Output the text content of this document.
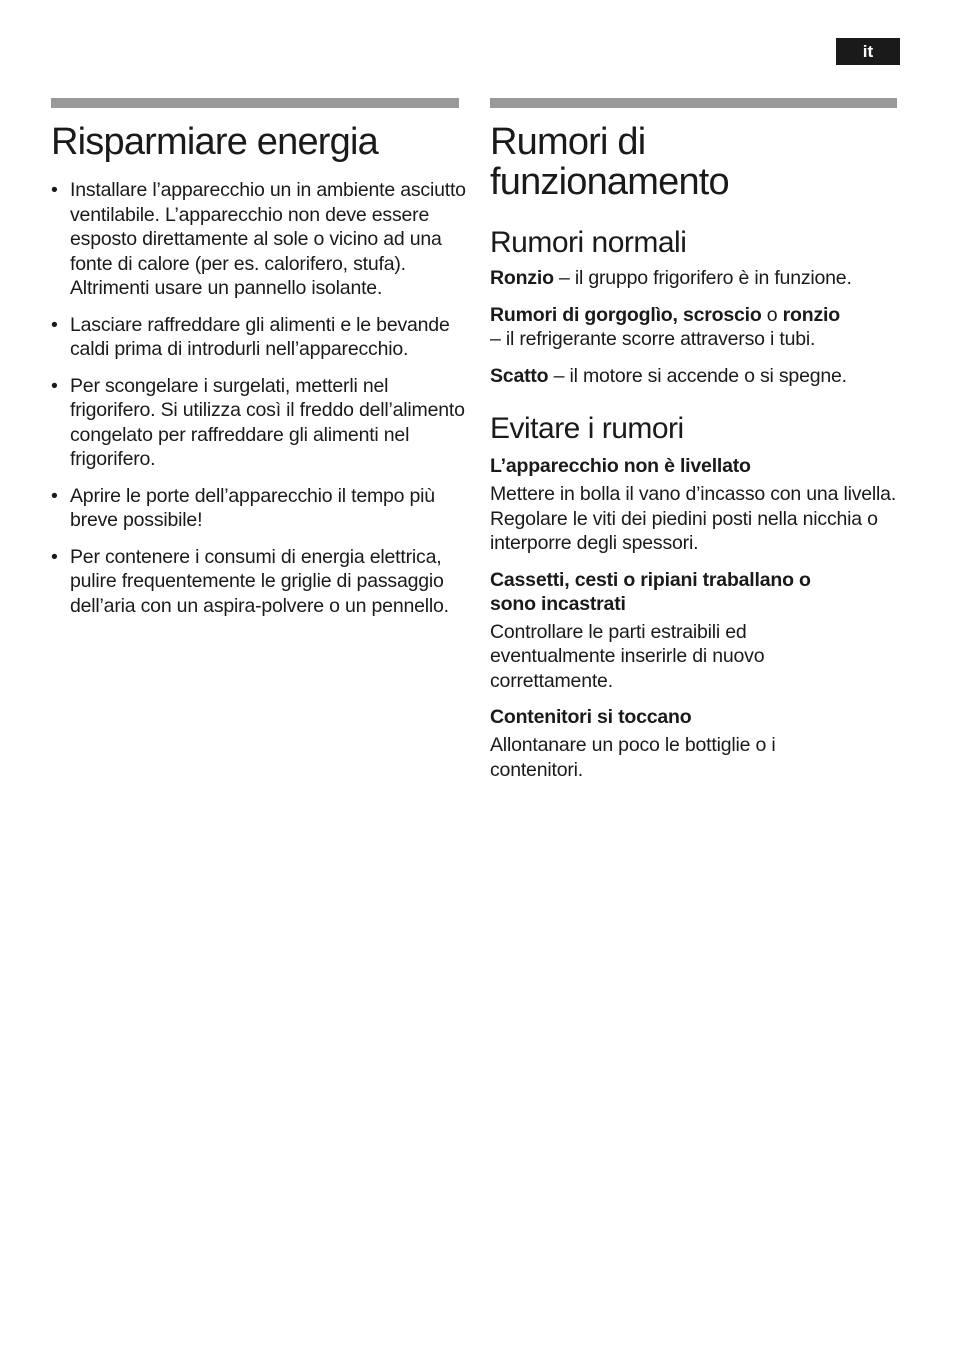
it
Risparmiare energia
• Installare l’apparecchio un in ambiente asciutto ventilabile. L’apparecchio non deve essere esposto direttamente al sole o vicino ad una fonte di calore (per es. calorifero, stufa). Altrimenti usare un pannello isolante.
• Lasciare raffreddare gli alimenti e le bevande caldi prima di introdurli nell’apparecchio.
• Per scongelare i surgelati, metterli nel frigorifero. Si utilizza così il freddo dell’alimento congelato per raffreddare gli alimenti nel frigorifero.
• Aprire le porte dell’apparecchio il tempo più breve possibile!
• Per contenere i consumi di energia elettrica, pulire frequentemente le griglie di passaggio dell’aria con un aspira-polvere o un pennello.
Rumori di
funzionamento
Rumori normali

Ronzio – il gruppo frigorifero è in funzione.

Rumori di gorgoglìo, scroscio o ronzio
– il refrigerante scorre attraverso i tubi.

Scatto – il motore si accende o si spegne.

Evitare i rumori

L’apparecchio non è livellato

Mettere in bolla il vano d’incasso con una livella. Regolare le viti dei piedini posti nella nicchia o interporre degli spessori.

Cassetti, cesti o ripiani traballano o sono incastrati

Controllare le parti estraibili ed eventualmente inserirle di nuovo correttamente.

Contenitori si toccano

Allontanare un poco le bottiglie o i contenitori.
